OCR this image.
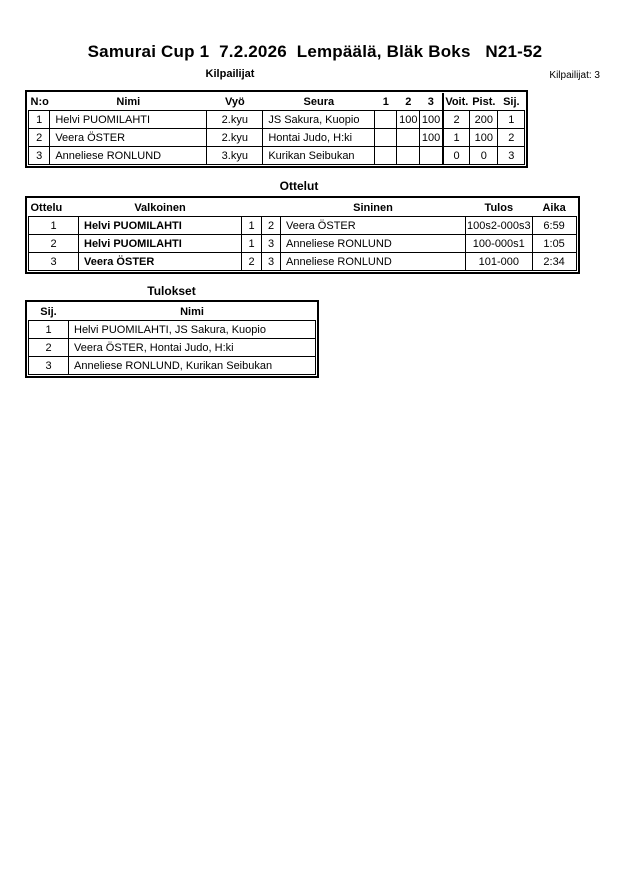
Samurai Cup 1  7.2.2026  Lempäälä, Bläk Boks   N21-52
Kilpailijat	Kilpailijat: 3
N:o	Nimi	Vyö	Seura	1	2	3	Voit.	Pist.	Sij.
1	Helvi PUOMILAHTI	2.kyu	JS Sakura, Kuopio		100	100	2	200	1
2	Veera ÖSTER	2.kyu	Hontai Judo, H:ki			100	1	100	2
3	Anneliese RONLUND	3.kyu	Kurikan Seibukan				0	0	3
Ottelut
Ottelu	Valkoinen			Sininen	Tulos	Aika
1	Helvi PUOMILAHTI	1	2	Veera ÖSTER	100s2-000s3	6:59
2	Helvi PUOMILAHTI	1	3	Anneliese RONLUND	100-000s1	1:05
3	Veera ÖSTER	2	3	Anneliese RONLUND	101-000	2:34
Tulokset
Sij.	Nimi
1	Helvi PUOMILAHTI, JS Sakura, Kuopio
2	Veera ÖSTER, Hontai Judo, H:ki
3	Anneliese RONLUND, Kurikan Seibukan
